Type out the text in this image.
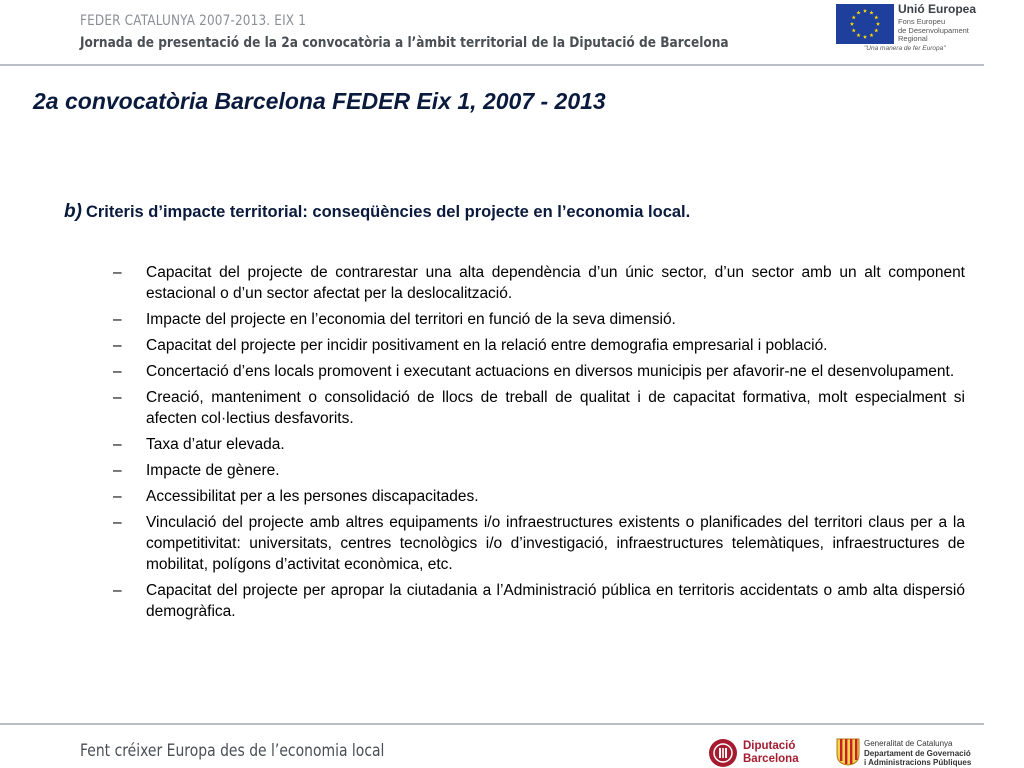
FEDER CATALUNYA 2007-2013. EIX 1
Jornada de presentació de la 2a convocatòria a l’àmbit territorial de la Diputació de Barcelona
Unió Europea
Fons Europeu
de Desenvolupament
Regional
"Una manera de fer Europa"
2a convocatòria Barcelona FEDER Eix 1, 2007 - 2013
b) Criteris d’impacte territorial: conseqüències del projecte en l’economia local.
–	Capacitat del projecte de contrarestar una alta dependència d’un únic sector, d’un sector amb un alt component estacional o d’un sector afectat per la deslocalització.
–	Impacte del projecte en l’economia del territori en funció de la seva dimensió.
–	Capacitat del projecte per incidir positivament en la relació entre demografia empresarial i població.
–	Concertació d’ens locals promovent i executant actuacions en diversos municipis per afavorir-ne el desenvolupament.
–	Creació, manteniment o consolidació de llocs de treball de qualitat i de capacitat formativa, molt especialment si afecten col·lectius desfavorits.
–	Taxa d’atur elevada.
–	Impacte de gènere.
–	Accessibilitat per a les persones discapacitades.
–	Vinculació del projecte amb altres equipaments i/o infraestructures existents o planificades del territori claus per a la competitivitat: universitats, centres tecnològics i/o d’investigació, infraestructures telemàtiques, infraestructures de mobilitat, polígons d’activitat econòmica, etc.
–	Capacitat del projecte per apropar la ciutadania a l’Administració pública en territoris accidentats o amb alta dispersió demogràfica.
Fent créixer Europa des de l’economia local	Diputació
Barcelona
Generalitat de Catalunya
Departament de Governació
i Administracions Públiques
